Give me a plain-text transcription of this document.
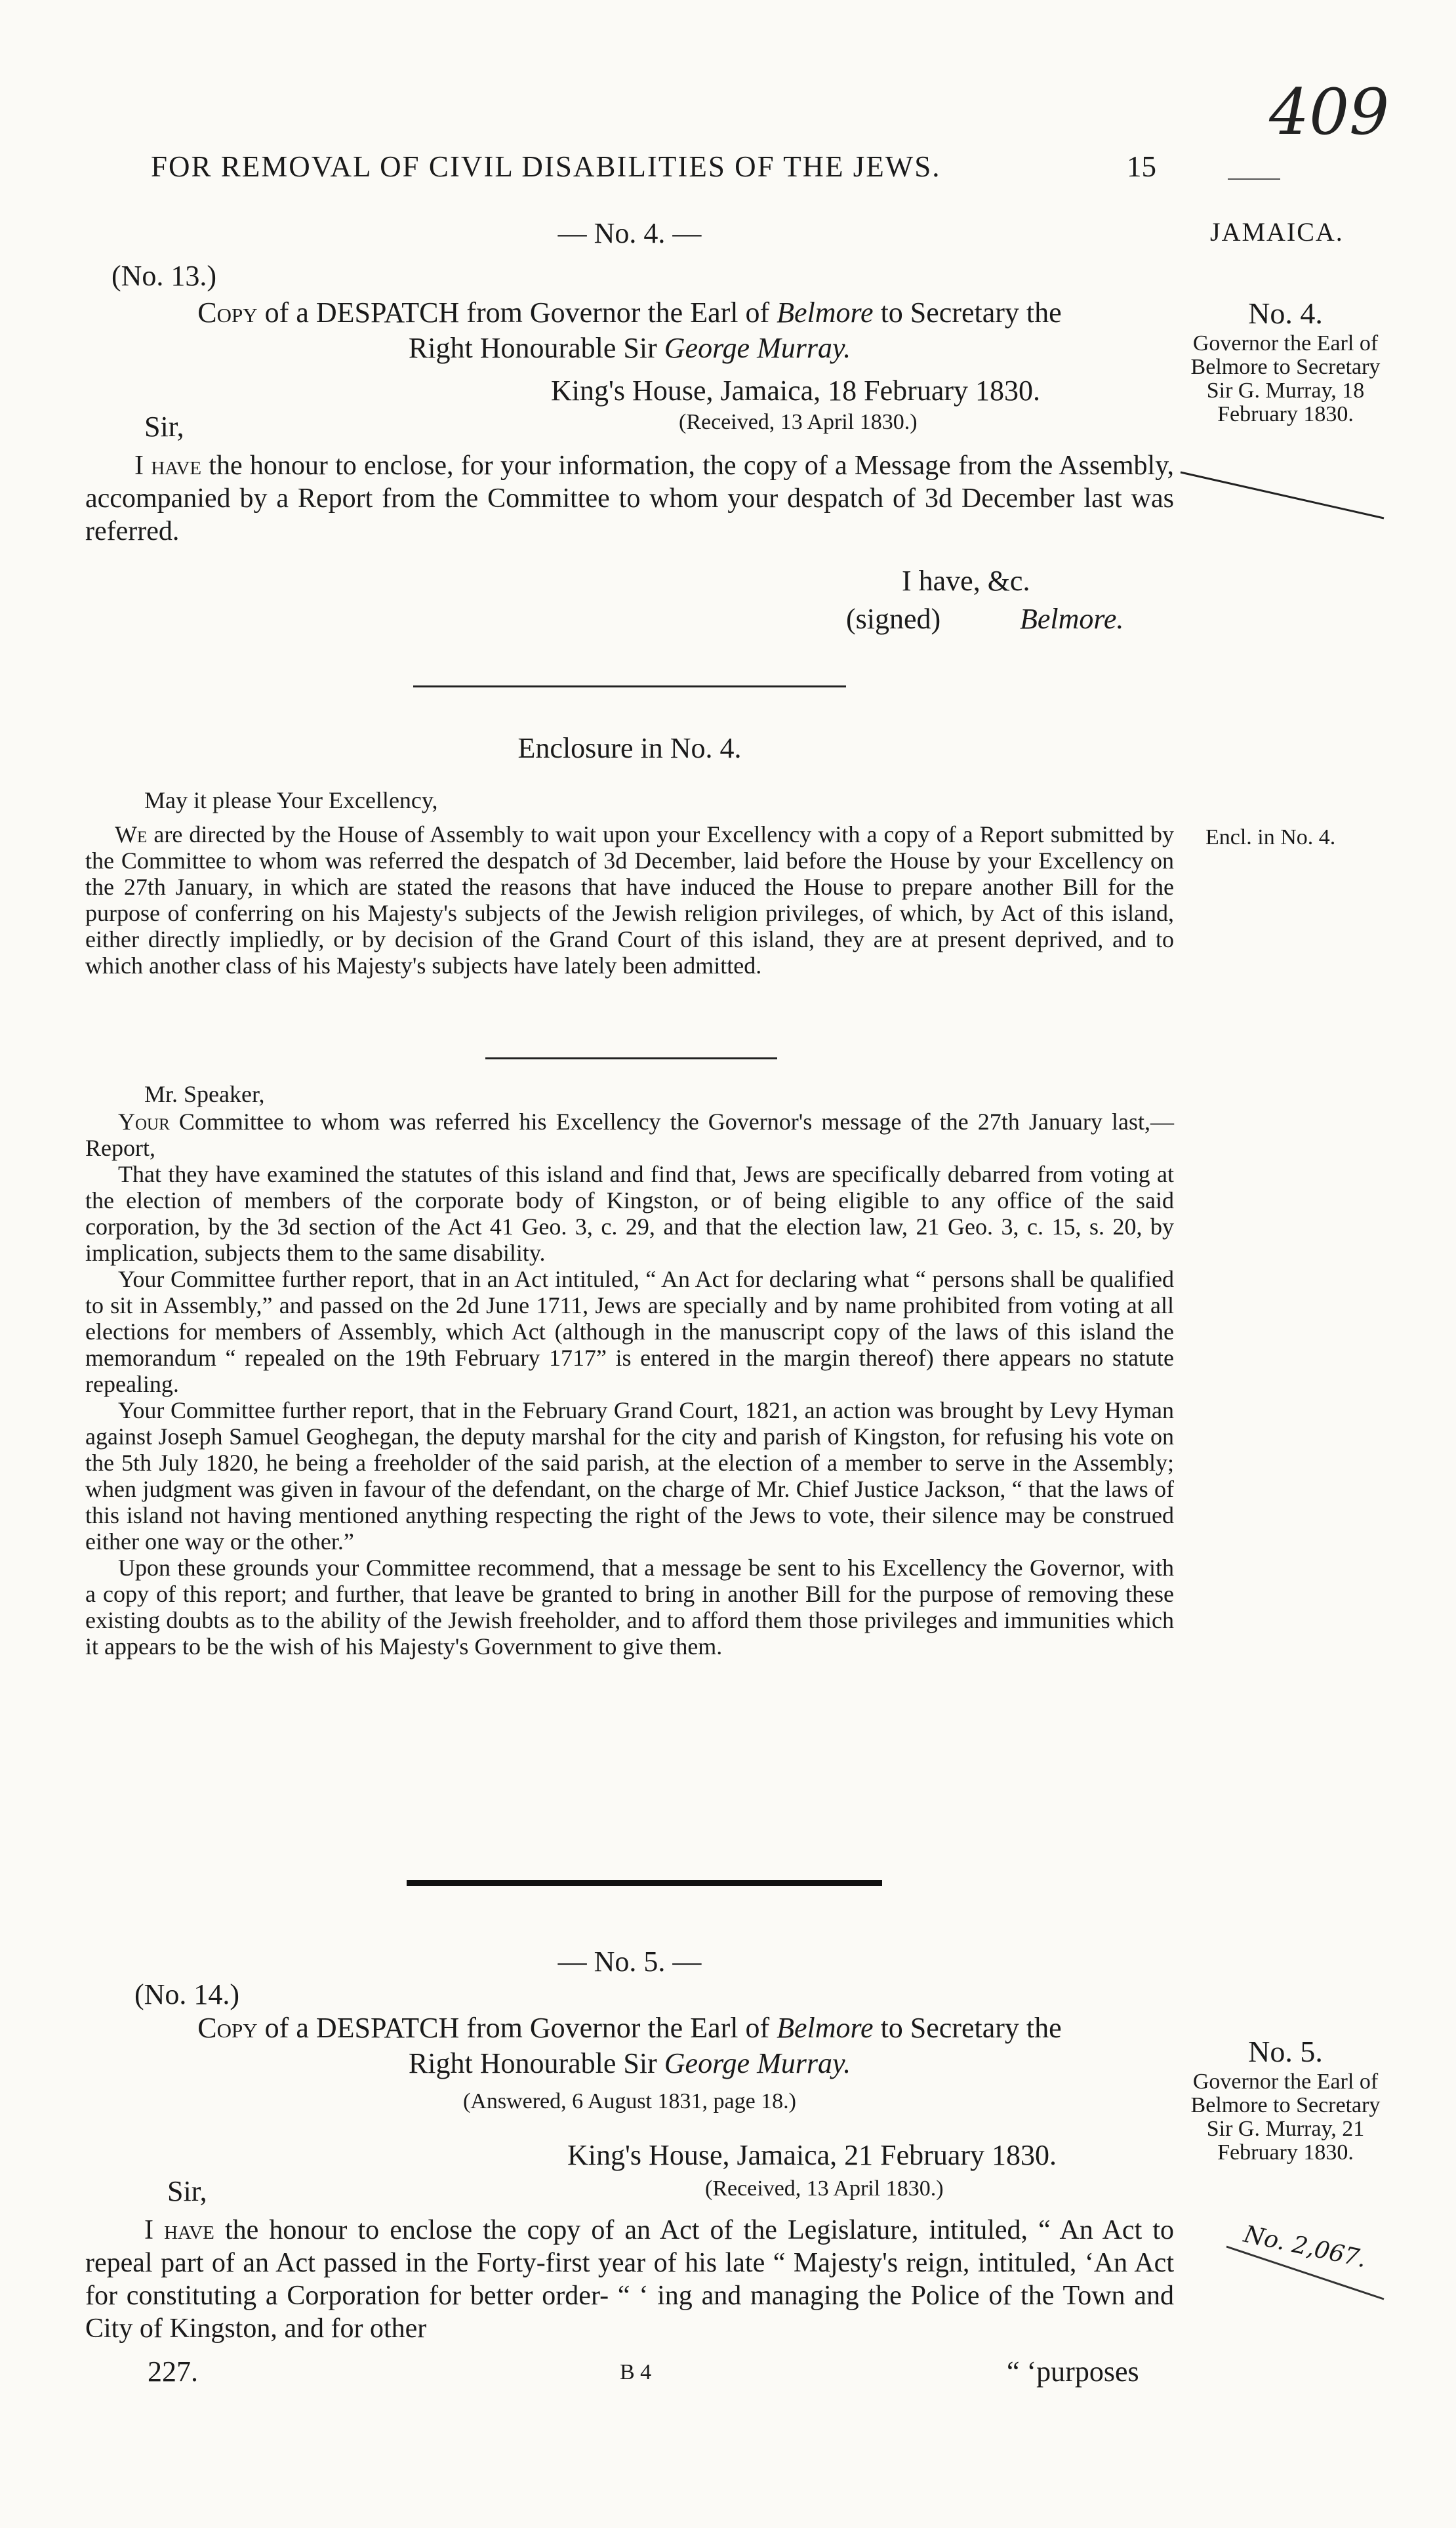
409
FOR REMOVAL OF CIVIL DISABILITIES OF THE JEWS.	15
JAMAICA.
— No. 4. —
(No. 13.)
Copy of a DESPATCH from Governor the Earl of Belmore to Secretary the
Right Honourable Sir George Murray.
King's House, Jamaica, 18 February 1830.
(Received, 13 April 1830.)
Sir,
I have the honour to enclose, for your information, the copy of a Message from the Assembly, accompanied by a Report from the Committee to whom your despatch of 3d December last was referred.
I have, &c.
(signed)	Belmore.
No. 4.
Governor the Earl of Belmore to Secretary Sir G. Murray, 18 February 1830.
Enclosure in No. 4.
May it please Your Excellency,
Encl. in No. 4.
We are directed by the House of Assembly to wait upon your Excellency with a copy of a Report submitted by the Committee to whom was referred the despatch of 3d December, laid before the House by your Excellency on the 27th January, in which are stated the reasons that have induced the House to prepare another Bill for the purpose of conferring on his Majesty's subjects of the Jewish religion privileges, of which, by Act of this island, either directly impliedly, or by decision of the Grand Court of this island, they are at present deprived, and to which another class of his Majesty's subjects have lately been admitted.
Mr. Speaker,

Your Committee to whom was referred his Excellency the Governor's message of the 27th January last,—Report,

That they have examined the statutes of this island and find that, Jews are specifically debarred from voting at the election of members of the corporate body of Kingston, or of being eligible to any office of the said corporation, by the 3d section of the Act 41 Geo. 3, c. 29, and that the election law, 21 Geo. 3, c. 15, s. 20, by implication, subjects them to the same disability.

Your Committee further report, that in an Act intituled, “ An Act for declaring what “ persons shall be qualified to sit in Assembly,” and passed on the 2d June 1711, Jews are specially and by name prohibited from voting at all elections for members of Assembly, which Act (although in the manuscript copy of the laws of this island the memorandum “ repealed on the 19th February 1717” is entered in the margin thereof) there appears no statute repealing.

Your Committee further report, that in the February Grand Court, 1821, an action was brought by Levy Hyman against Joseph Samuel Geoghegan, the deputy marshal for the city and parish of Kingston, for refusing his vote on the 5th July 1820, he being a freeholder of the said parish, at the election of a member to serve in the Assembly; when judgment was given in favour of the defendant, on the charge of Mr. Chief Justice Jackson, “ that the laws of this island not having mentioned anything respecting the right of the Jews to vote, their silence may be construed either one way or the other.”

Upon these grounds your Committee recommend, that a message be sent to his Excellency the Governor, with a copy of this report; and further, that leave be granted to bring in another Bill for the purpose of removing these existing doubts as to the ability of the Jewish freeholder, and to afford them those privileges and immunities which it appears to be the wish of his Majesty's Government to give them.

— No. 5. —
(No. 14.)
Copy of a DESPATCH from Governor the Earl of Belmore to Secretary the
Right Honourable Sir George Murray.
(Answered, 6 August 1831, page 18.)
King's House, Jamaica, 21 February 1830.
(Received, 13 April 1830.)
Sir,
I have the honour to enclose the copy of an Act of the Legislature, intituled, “ An Act to repeal part of an Act passed in the Forty-first year of his late “ Majesty's reign, intituled, ‘An Act for constituting a Corporation for better order- “ ‘ ing and managing the Police of the Town and City of Kingston, and for other
No. 5.
Governor the Earl of Belmore to Secretary Sir G. Murray, 21 February 1830.
No. 2,067.
227.	B 4	“ ‘purposes
